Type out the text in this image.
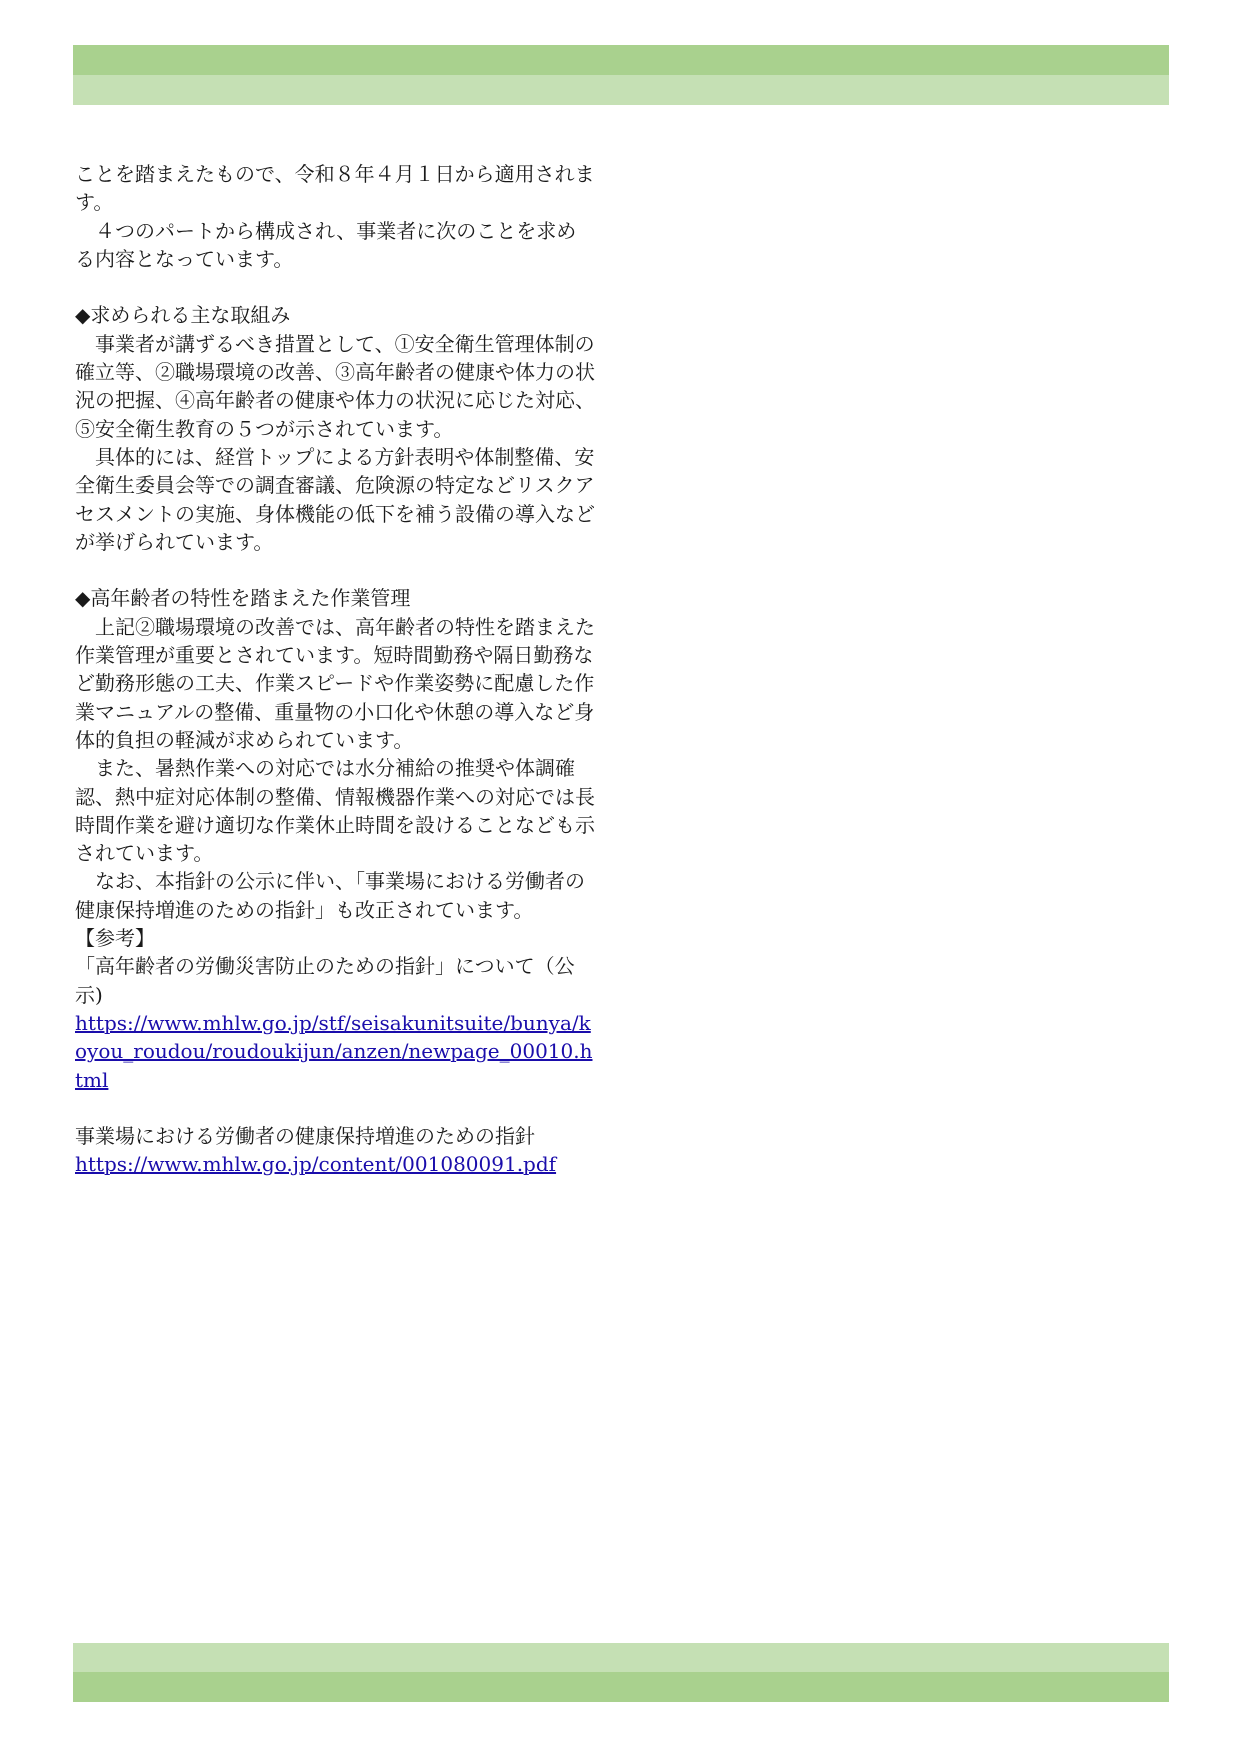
ことを踏まえたもので、令和８年４月１日から適用されます。

　４つのパートから構成され、事業者に次のことを求める内容となっています。

◆求められる主な取組み

　事業者が講ずるべき措置として、①安全衛生管理体制の確立等、②職場環境の改善、③高年齢者の健康や体力の状況の把握、④高年齢者の健康や体力の状況に応じた対応、⑤安全衛生教育の５つが示されています。

　具体的には、経営トップによる方針表明や体制整備、安全衛生委員会等での調査審議、危険源の特定などリスクアセスメントの実施、身体機能の低下を補う設備の導入などが挙げられています。

◆高年齢者の特性を踏まえた作業管理

　上記②職場環境の改善では、高年齢者の特性を踏まえた作業管理が重要とされています。短時間勤務や隔日勤務など勤務形態の工夫、作業スピードや作業姿勢に配慮した作業マニュアルの整備、重量物の小口化や休憩の導入など身体的負担の軽減が求められています。

　また、暑熱作業への対応では水分補給の推奨や体調確認、熱中症対応体制の整備、情報機器作業への対応では長時間作業を避け適切な作業休止時間を設けることなども示されています。

　なお、本指針の公示に伴い、「事業場における労働者の健康保持増進のための指針」も改正されています。

【参考】

「高年齢者の労働災害防止のための指針」について（公示)

https://www.mhlw.go.jp/stf/seisakunitsuite/bunya/koyou_roudou/roudoukijun/anzen/newpage_00010.html

事業場における労働者の健康保持増進のための指針

https://www.mhlw.go.jp/content/001080091.pdf
